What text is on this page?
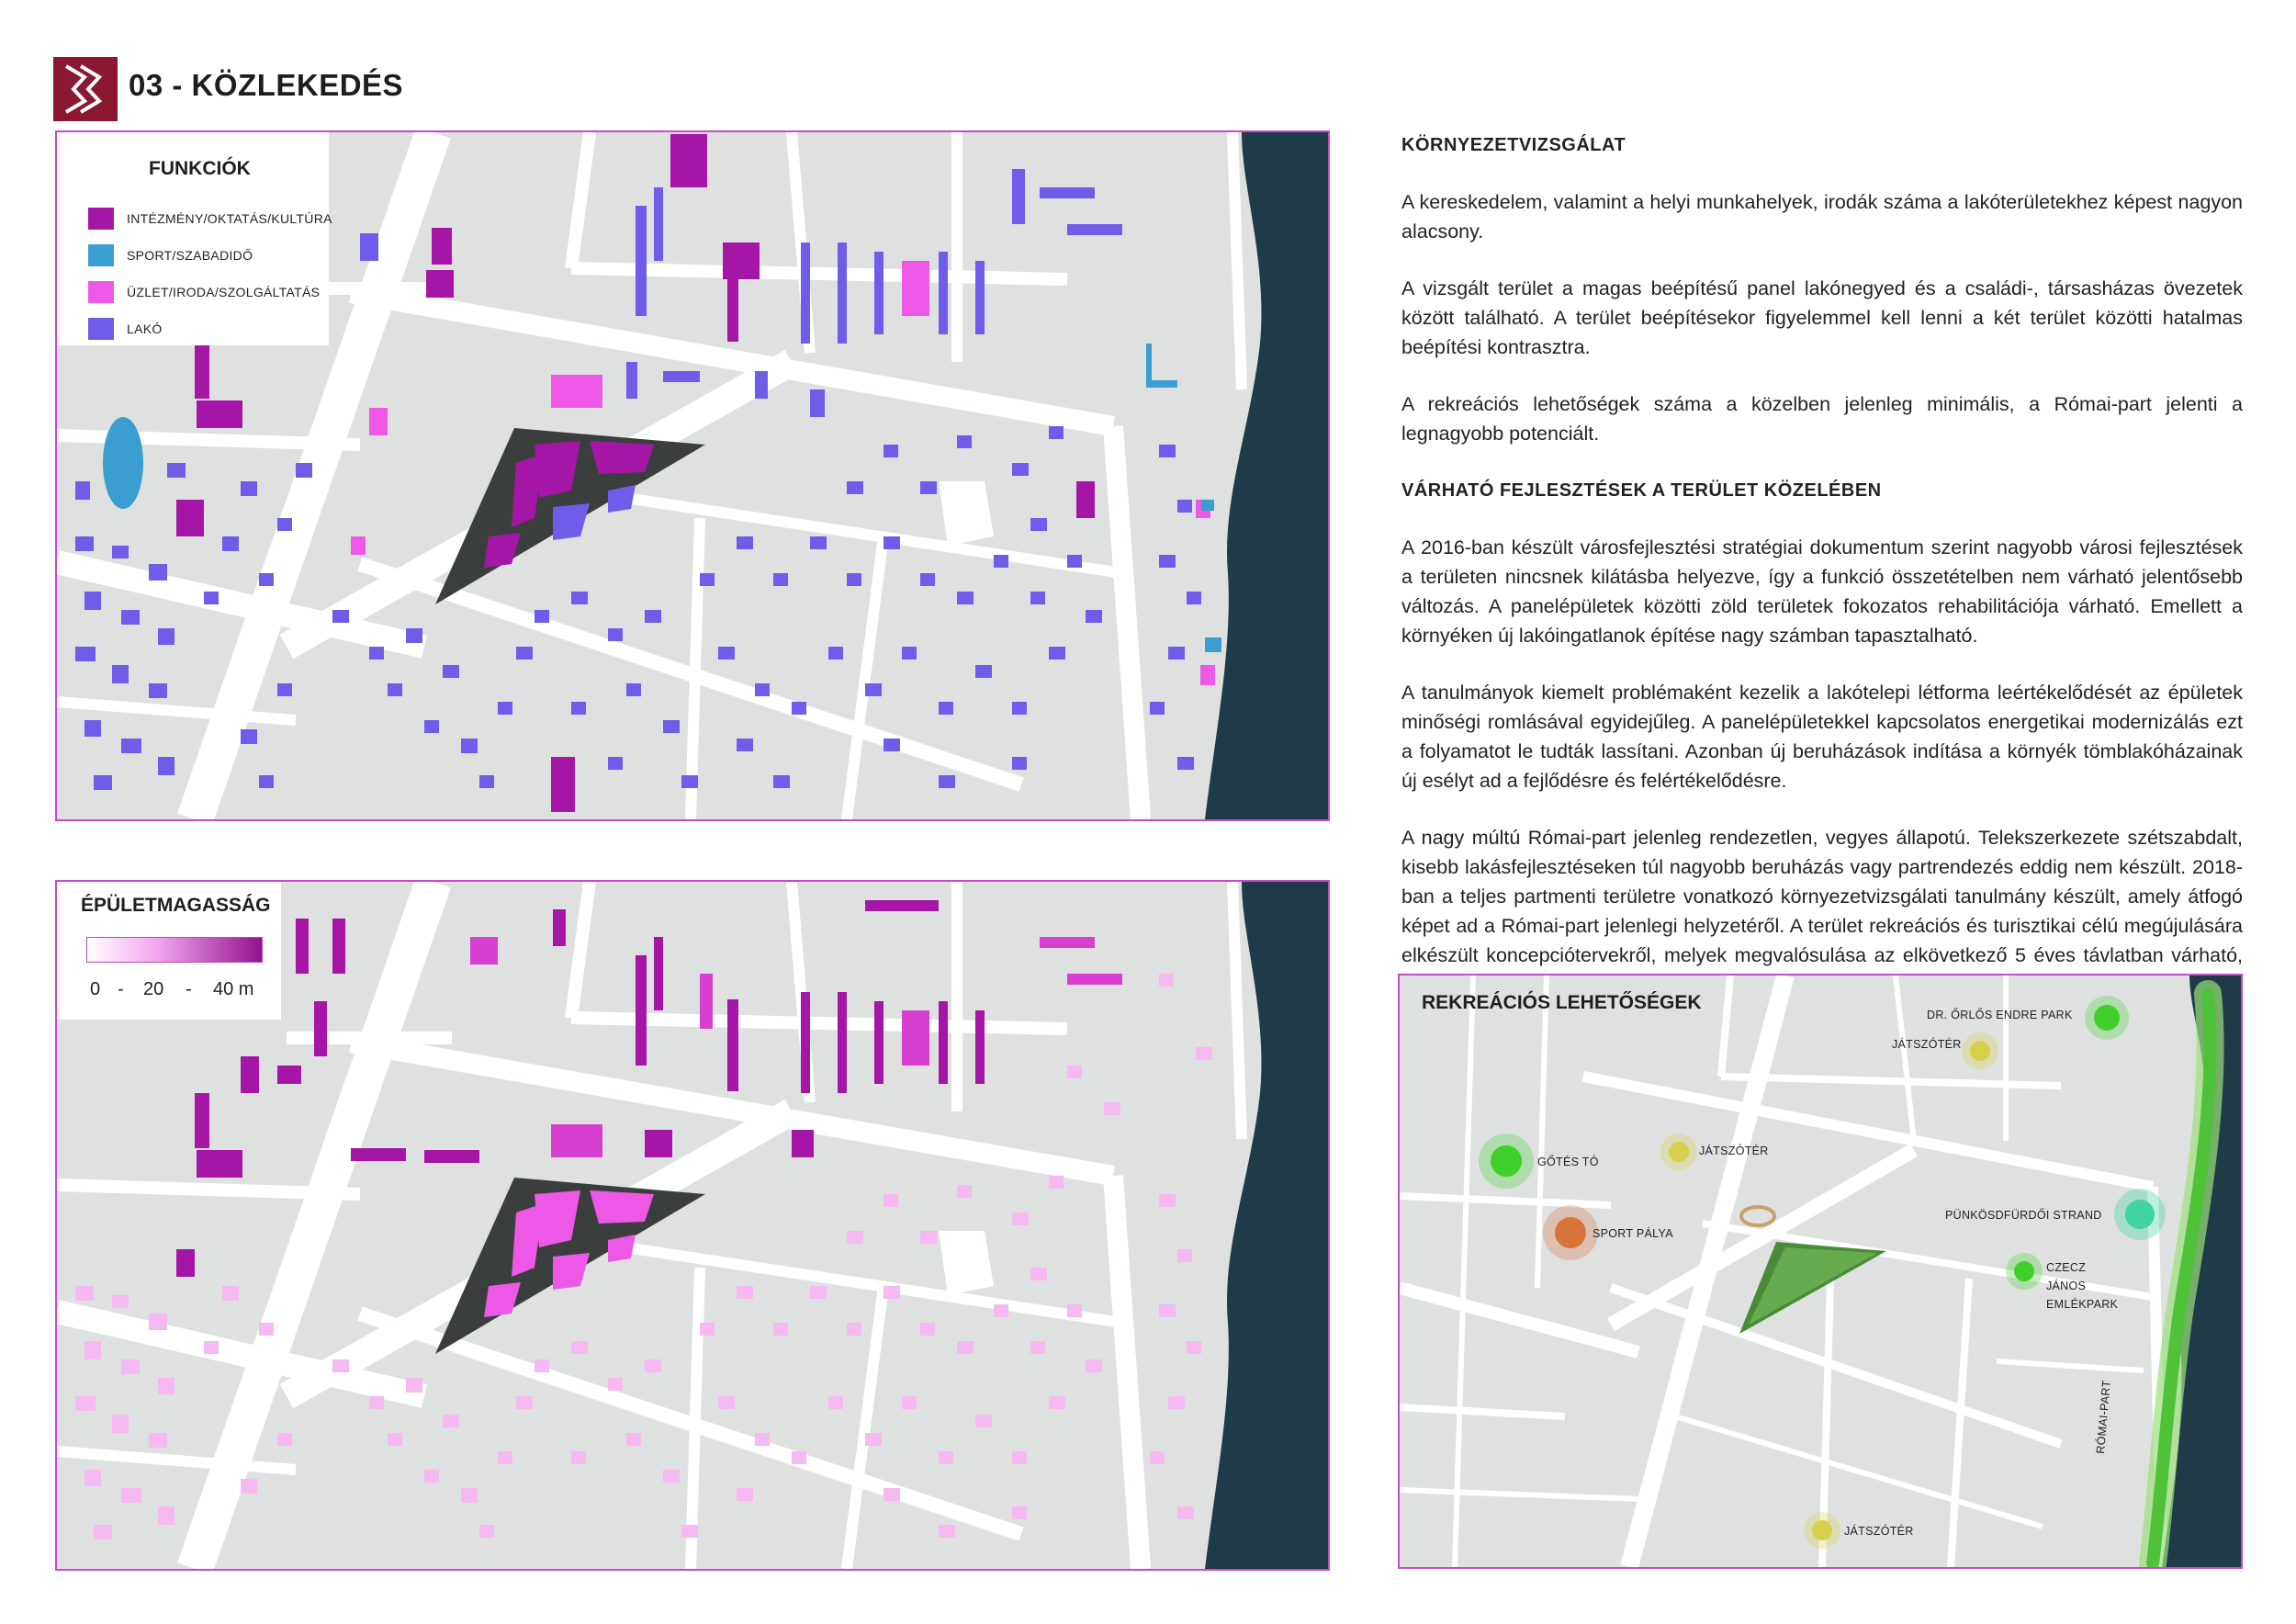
03 - KÖZLEKEDÉS
FUNKCIÓK
INTÉZMÉNY/OKTATÁS/KULTÚRA
SPORT/SZABADIDŐ
ÜZLET/IRODA/SZOLGÁLTATÁS
LAKÓ
ÉPÜLETMAGASSÁG
0 - 20 - 40 m
KÖRNYEZETVIZSGÁLAT

A kereskedelem, valamint a helyi munkahelyek, irodák száma a lakóterületekhez képest nagyon alacsony.

A vizsgált terület a magas beépítésű panel lakónegyed és a családi-, társasházas övezetek között található. A terület beépítésekor figyelemmel kell lenni a két terület közötti hatalmas beépítési kontrasztra.

A rekreációs lehetőségek száma a közelben jelenleg minimális, a Római-part jelenti a legnagyobb potenciált.

VÁRHATÓ FEJLESZTÉSEK A TERÜLET KÖZELÉBEN

A 2016-ban készült városfejlesztési stratégiai dokumentum szerint nagyobb városi fejlesztések a területen nincsnek kilátásba helyezve, így a funkció összetételben nem várható jelentősebb változás. A panelépületek közötti zöld területek fokozatos rehabilitációja várható. Emellett a környéken új lakóingatlanok építése nagy számban tapasztalható.

A tanulmányok kiemelt problémaként kezelik a lakótelepi létforma leértékelődését az épületek minőségi romlásával egyidejűleg. A panelépületekkel kapcsolatos energetikai modernizálás ezt a folyamatot le tudták lassítani. Azonban új beruházások indítása a környék tömblakóházainak új esélyt ad a fejlődésre és felértékelődésre.

A nagy múltú Római-part jelenleg rendezetlen, vegyes állapotú. Telekszerkezete szétszabdalt, kisebb lakásfejlesztéseken túl nagyobb beruházás vagy partrendezés eddig nem készült. 2018-ban a teljes partmenti területre vonatkozó környezetvizsgálati tanulmány készült, amely átfogó képet ad a Római-part jelenlegi helyzetéről. A terület rekreációs és turisztikai célú megújulására elkészült koncepciótervekről, melyek megvalósulása az elkövetkező 5 éves távlatban várható,

REKREÁCIÓS LEHETŐSÉGEK
DR. ŐRLŐS ENDRE PARK
JÁTSZÓTÉR
GŐTÉS TÓ
JÁTSZÓTÉR
SPORT PÁLYA
PÜNKÖSDFÜRDŐI STRAND
CZECZ JÁNOS EMLÉKPARK
RÓMAI-PART
JÁTSZÓTÉR
